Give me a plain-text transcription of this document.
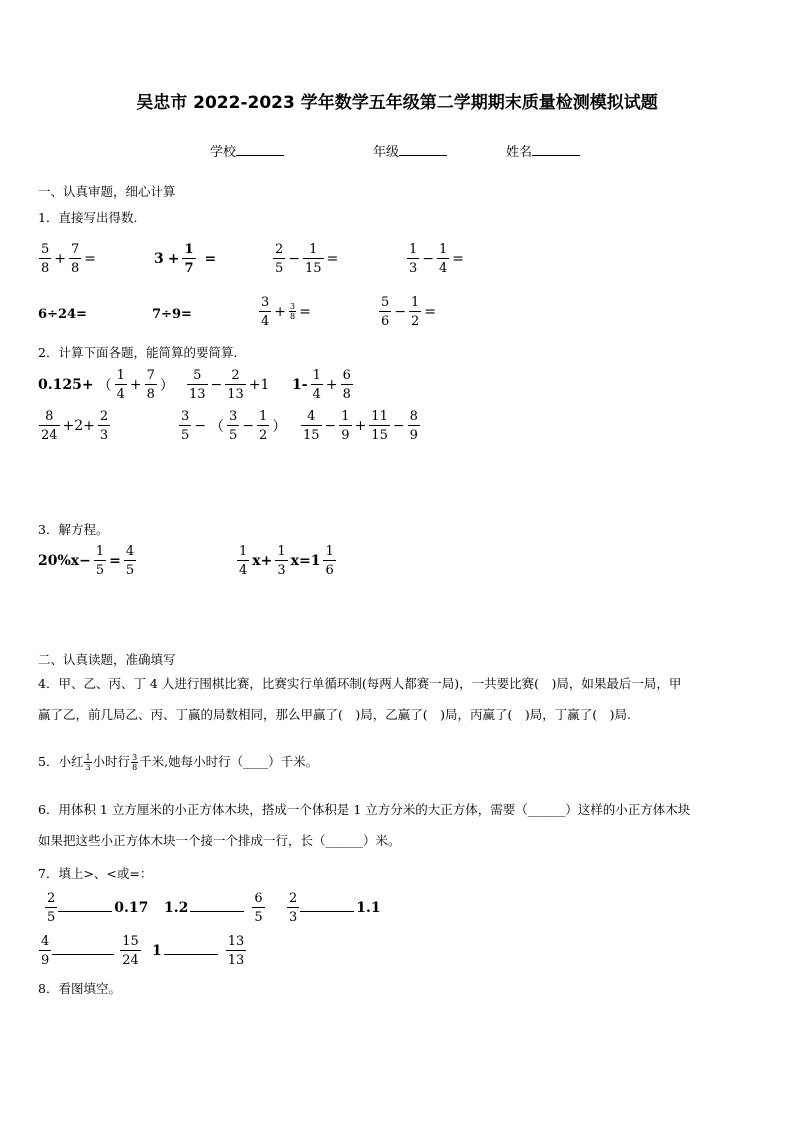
吴忠市 2022-2023 学年数学五年级第二学期期末质量检测模拟试题
学校	年级	姓名
一、认真审题，细心计算
1．直接写出得数.
$\frac{5}{8} + \frac{7}{8}$ =	$3 + \frac{1}{7}$ =	$\frac{2}{5} - \frac{1}{15}$ =	$\frac{1}{3} - \frac{1}{4}$ =
6÷24=	7÷9=	$\frac{3}{4} + \frac{3}{8}$ =	$\frac{5}{6} - \frac{1}{2}$ =
2．计算下面各题，能简算的要简算.
0.125+ （ $\frac{1}{4} + \frac{7}{8}$ ） $\frac{5}{13} - \frac{2}{13} +1$ $1- \frac{1}{4} + \frac{6}{8}$
$\frac{8}{24} +2+ \frac{2}{3}$	$\frac{3}{5}$ − （ $\frac{3}{5} - \frac{1}{2}$ ） $\frac{4}{15} - \frac{1}{9} + \frac{11}{15} - \frac{8}{9}$
3．解方程。
$20\%x- \frac{1}{5} = \frac{4}{5}$	$\frac{1}{4} x+ \frac{1}{3} x=1 \frac{1}{6}$
二、认真读题，准确填写
4．甲、乙、丙、丁 4 人进行围棋比赛，比赛实行单循环制(每两人都赛一局)，一共要比赛(　)局，如果最后一局，甲
赢了乙，前几局乙、丙、丁赢的局数相同，那么甲赢了(　)局，乙赢了(　)局，丙赢了(　)局，丁赢了(　)局.
5．小红 $\frac{1}{3}$ 小时行 $\frac{3}{8}$ 千米,她每小时行（____）千米。
6．用体积 1 立方厘米的小正方体木块，搭成一个体积是 1 立方分米的大正方体，需要（______）这样的小正方体木块
如果把这些小正方体木块一个接一个排成一行，长（______）米。
7．填上>、<或=：
$\frac{2}{5}$	0.17 1.2	$\frac{6}{5} \frac{2}{3}$	1.1
$\frac{4}{9}$	$\frac{15}{24} 1$	$\frac{13}{13}$
8．看图填空。
